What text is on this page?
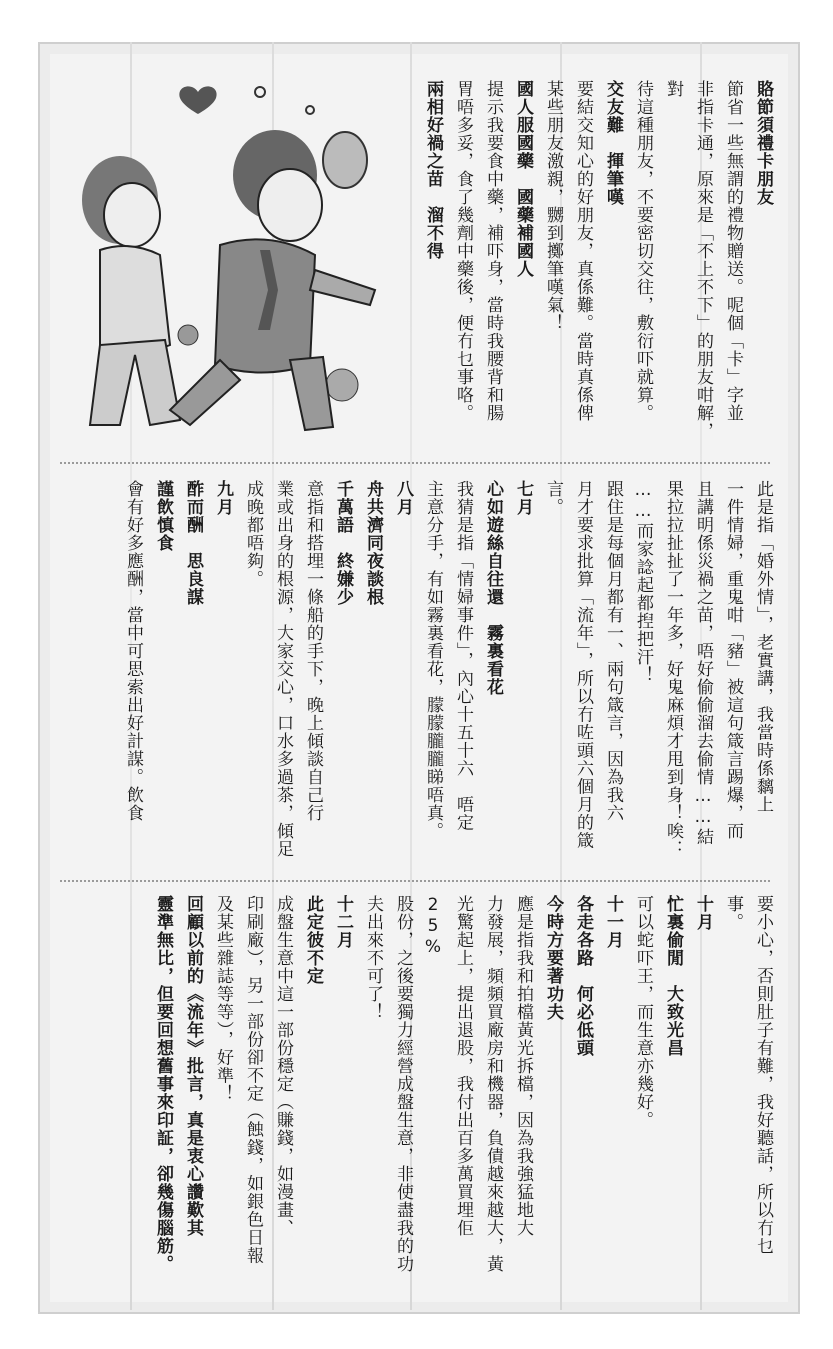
賂節須禮卡朋友

節省一些無謂的禮物贈送。呢個「卡」字並

非指卡通，原來是「不上不下」的朋友咁解，對

待這種朋友，不要密切交往，敷衍吓就算。

交友難　揮筆嘆

要結交知心的好朋友，真係難。當時真係俾

某些朋友激親，嬲到擲筆嘆氣！

國人服國藥　國藥補國人

提示我要食中藥，補吓身，當時我腰背和腸

胃唔多妥，食了幾劑中藥後，便冇乜事咯。

兩相好禍之苗　溜不得

此是指「婚外情」，老實講，我當時係黐上

一件情婦，重鬼咁「豬」被這句箴言踢爆，而

且講明係災禍之苗，唔好偷偷溜去偷情……結

果拉拉扯扯了一年多，好鬼麻煩才甩到身！唉：

……而家諗起都揑把汗！

跟住是每個月都有一、兩句箴言，因為我六

月才要求批算「流年」，所以冇咗頭六個月的箴

言。

七月

心如遊絲自往還　霧裏看花

我猜是指「情婦事件」，內心十五十六　唔定

主意分手，有如霧裏看花，朦朦朧朧睇唔真。

八月

舟共濟同夜談根

千萬語　終嫌少

意指和搭埋一條船的手下，晚上傾談自己行

業或出身的根源，大家交心，口水多過茶，傾足

成晚都唔夠。

九月

酢而酬　思良謀

謹飲慎食

會有好多應酬，當中可思索出好計謀。飲食

要小心，否則肚子有難，我好聽話，所以冇乜

事。

十月

忙裏偷閒　大致光昌

可以蛇吓王，而生意亦幾好。

十一月

各走各路　何必低頭

今時方要著功夫

應是指我和拍檔黃光拆檔，因為我強猛地大

力發展，頻頻買廠房和機器，負債越來越大，黃

光驚起上，提出退股，我付出百多萬買埋佢25%

股份，之後要獨力經營成盤生意，非使盡我的功

夫出來不可了！

十二月

此定彼不定

成盤生意中這一部份穩定（賺錢，如漫畫、

印刷廠），另一部份卻不定（蝕錢，如銀色日報

及某些雜誌等等），好準！

回顧以前的《流年》批言，真是衷心讚歎其

靈準無比，但要回想舊事來印証，卻幾傷腦筋。
